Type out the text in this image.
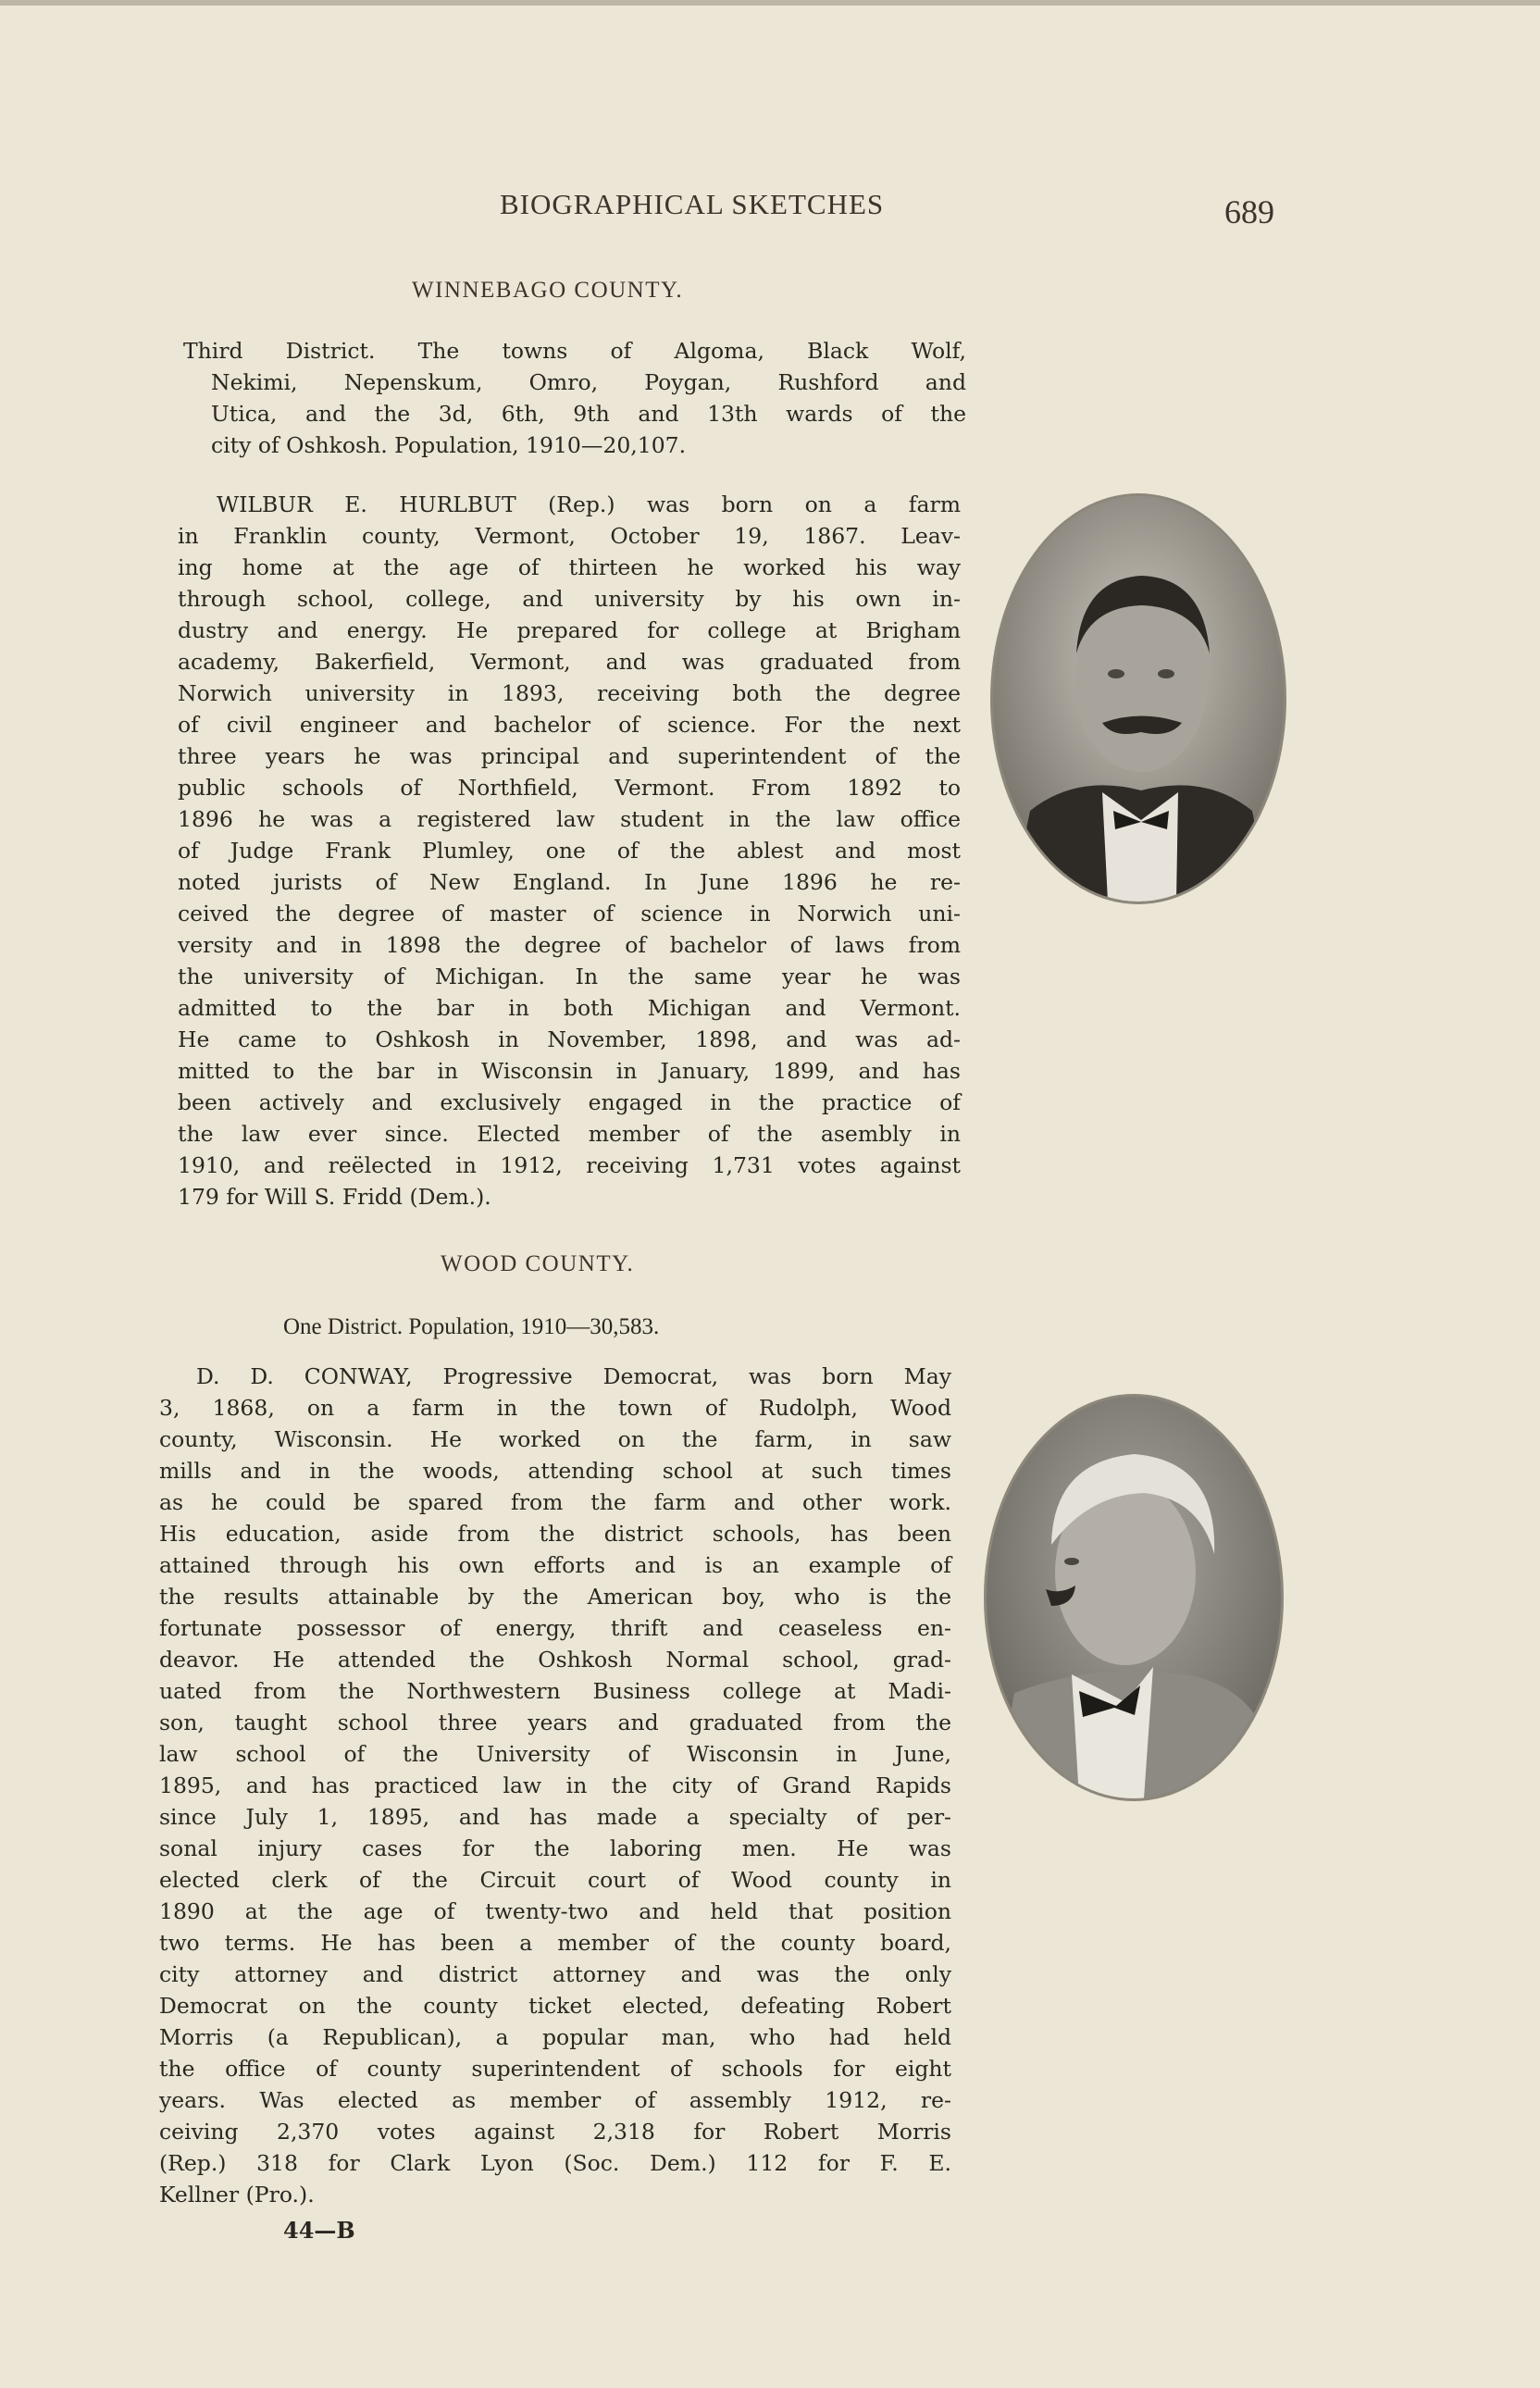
BIOGRAPHICAL SKETCHES	689
WINNEBAGO COUNTY.
Third District. The towns of Algoma, Black Wolf,
Nekimi, Nepenskum, Omro, Poygan, Rushford and
Utica, and the 3d, 6th, 9th and 13th wards of the
city of Oshkosh. Population, 1910—20,107.
WILBUR E. HURLBUT (Rep.) was born on a farm
in Franklin county, Vermont, October 19, 1867. Leav-
ing home at the age of thirteen he worked his way
through school, college, and university by his own in-
dustry and energy. He prepared for college at Brigham
academy, Bakerfield, Vermont, and was graduated from
Norwich university in 1893, receiving both the degree
of civil engineer and bachelor of science. For the next
three years he was principal and superintendent of the
public schools of Northfield, Vermont. From 1892 to
1896 he was a registered law student in the law office
of Judge Frank Plumley, one of the ablest and most
noted jurists of New England. In June 1896 he re-
ceived the degree of master of science in Norwich uni-
versity and in 1898 the degree of bachelor of laws from
the university of Michigan. In the same year he was
admitted to the bar in both Michigan and Vermont.
He came to Oshkosh in November, 1898, and was ad-
mitted to the bar in Wisconsin in January, 1899, and has
been actively and exclusively engaged in the practice of
the law ever since. Elected member of the asembly in
1910, and reëlected in 1912, receiving 1,731 votes against
179 for Will S. Fridd (Dem.).
WOOD COUNTY.
One District. Population, 1910—30,583.
D. D. CONWAY, Progressive Democrat, was born May
3, 1868, on a farm in the town of Rudolph, Wood
county, Wisconsin. He worked on the farm, in saw
mills and in the woods, attending school at such times
as he could be spared from the farm and other work.
His education, aside from the district schools, has been
attained through his own efforts and is an example of
the results attainable by the American boy, who is the
fortunate possessor of energy, thrift and ceaseless en-
deavor. He attended the Oshkosh Normal school, grad-
uated from the Northwestern Business college at Madi-
son, taught school three years and graduated from the
law school of the University of Wisconsin in June,
1895, and has practiced law in the city of Grand Rapids
since July 1, 1895, and has made a specialty of per-
sonal injury cases for the laboring men. He was
elected clerk of the Circuit court of Wood county in
1890 at the age of twenty-two and held that position
two terms. He has been a member of the county board,
city attorney and district attorney and was the only
Democrat on the county ticket elected, defeating Robert
Morris (a Republican), a popular man, who had held
the office of county superintendent of schools for eight
years. Was elected as member of assembly 1912, re-
ceiving 2,370 votes against 2,318 for Robert Morris
(Rep.) 318 for Clark Lyon (Soc. Dem.) 112 for F. E.
Kellner (Pro.).
44—B
